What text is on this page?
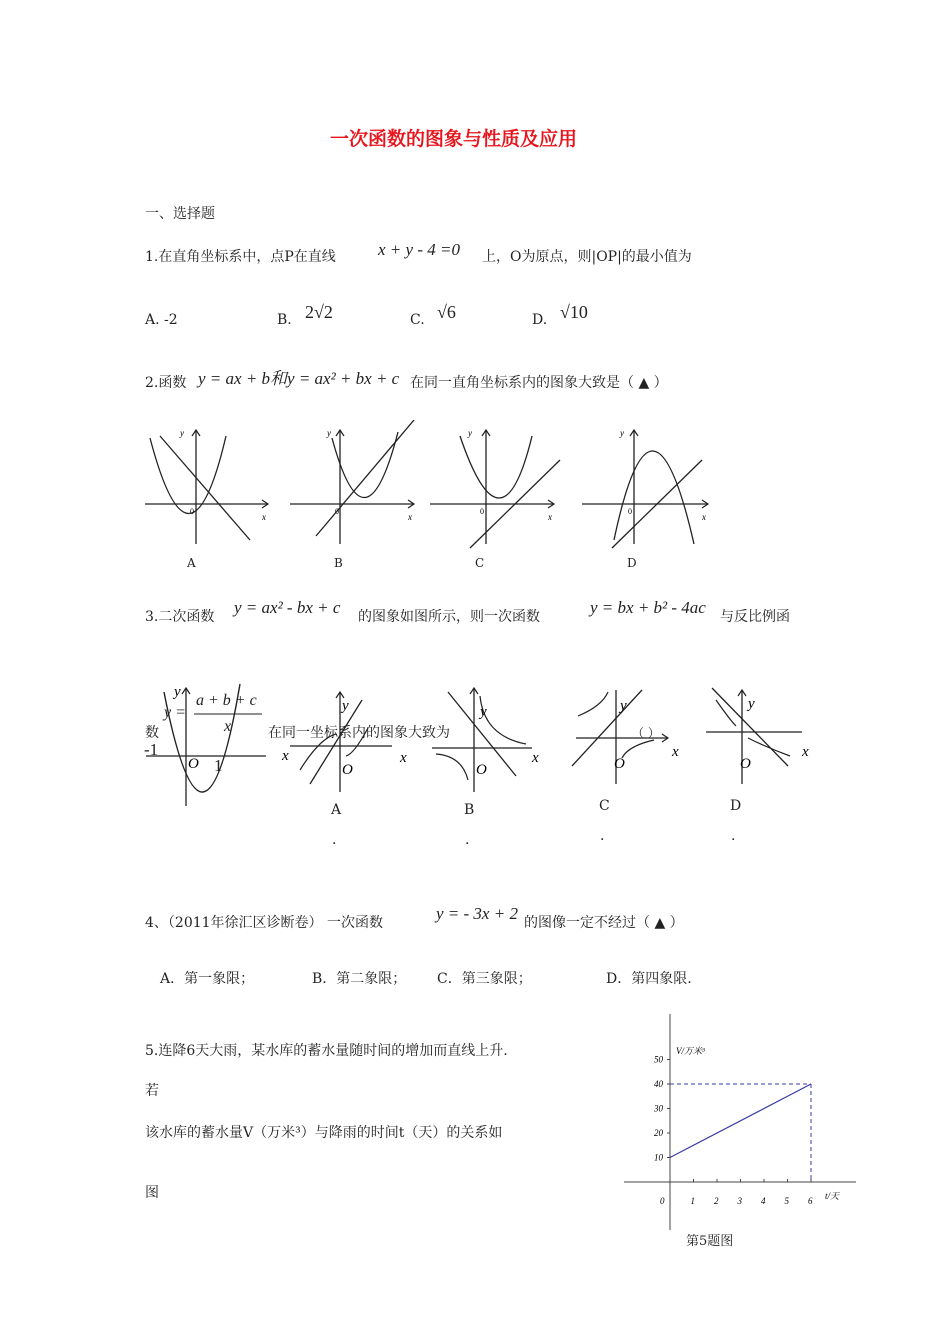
一次函数的图象与性质及应用
一、选择题
1.在直角坐标系中，点P在直线 x + y - 4 =0 上，O为原点，则|OP|的最小值为
A. -2	B. 2√2	C. √6	D. √10
2.函数 y = ax + b和y = ax² + bx + c 在同一直角坐标系内的图象大致是（ ▲ ）
y
0
x
y
0
x
y
0
x
y
0
x
A	B	C	D
3.二次函数 y = ax² - bx + c 的图象如图所示，则一次函数	y = bx + b² - 4ac 与反比例函
y
O
y
O
x	x
y
O
x
y
O
x
y
O
x
a + b + c
y =
x
数	在同一坐标系内的图象大致为
-1
1
（ ）
A	B	C	D
.	.	.	.
4、（2011年徐汇区诊断卷） 一次函数	y = - 3x + 2 的图像一定不经过（ ▲ ）
A．第一象限；	B．第二象限； C．第三象限；	D．第四象限.
5.连降6天大雨，某水库的蓄水量随时间的增加而直线上升.
若
该水库的蓄水量V（万米³）与降雨的时间t（天）的关系如
图
V/万米³
t/天
10
20
30
40
50
0	1 2 3 4 5 6
第5题图
